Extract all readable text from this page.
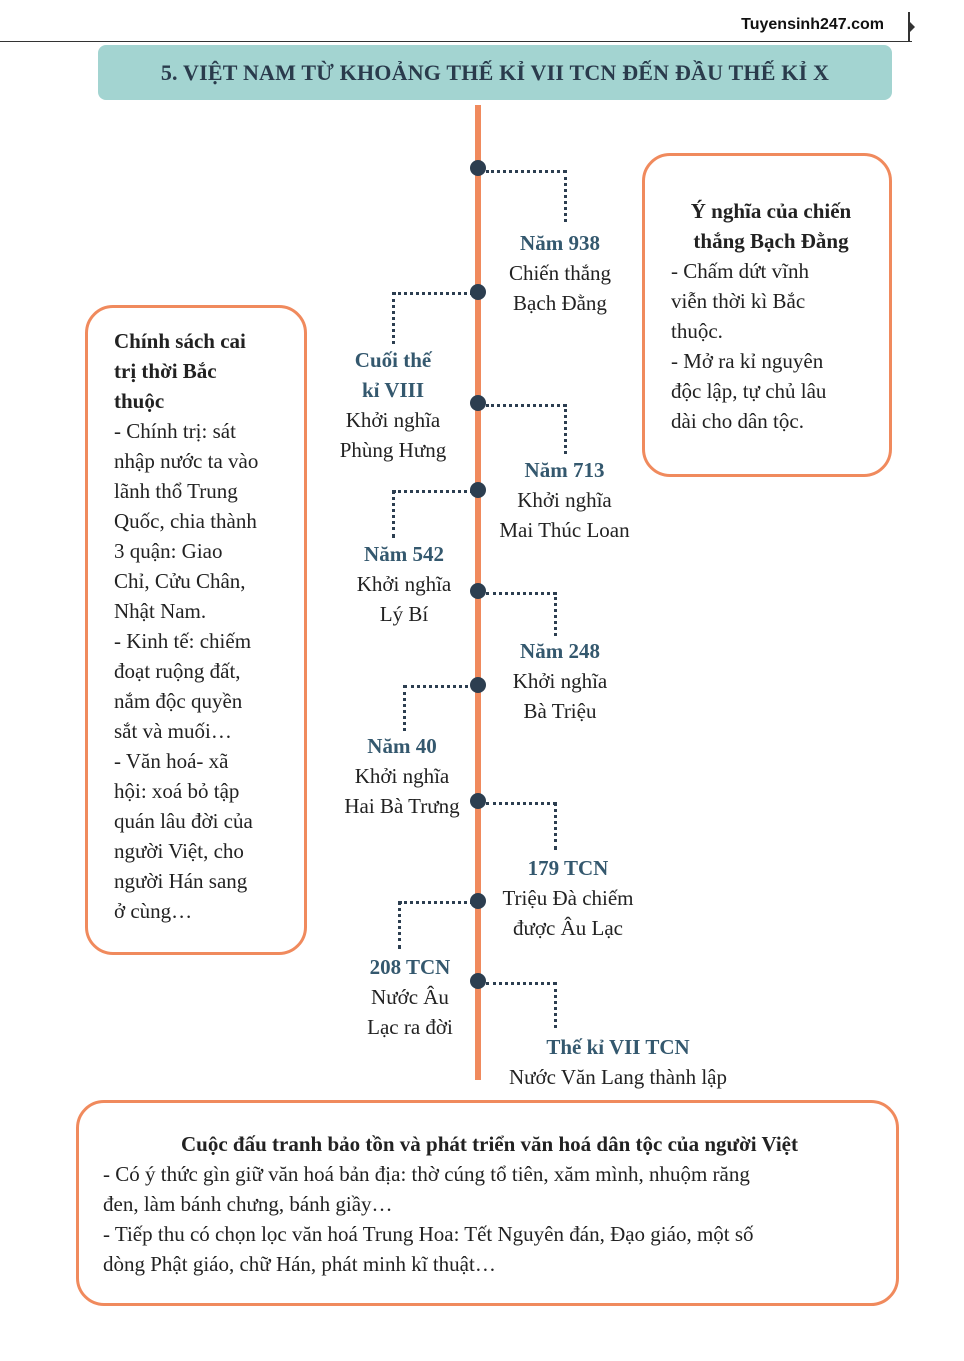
Tuyensinh247.com
5. VIỆT NAM TỪ KHOẢNG THẾ KỈ VII TCN ĐẾN ĐẦU THẾ KỈ X
Năm 938
Chiến thắng
Bạch Đằng
Cuối thế
kỉ VIII
Khởi nghĩa
Phùng Hưng
Năm 713
Khởi nghĩa
Mai Thúc Loan
Năm 542
Khởi nghĩa
Lý Bí
Năm 248
Khởi nghĩa
Bà Triệu
Năm 40
Khởi nghĩa
Hai Bà Trưng
179 TCN
Triệu Đà chiếm
được Âu Lạc
208 TCN
Nước Âu
Lạc ra đời
Thế kỉ VII TCN
Nước Văn Lang thành lập
Ý nghĩa của chiến
thắng Bạch Đằng
- Chấm dứt vĩnh
viễn thời kì Bắc
thuộc.
- Mở ra kỉ nguyên
độc lập, tự chủ lâu
dài cho dân tộc.
Chính sách cai
trị thời Bắc
thuộc
- Chính trị: sát
nhập nước ta vào
lãnh thổ Trung
Quốc, chia thành
3 quận: Giao
Chỉ, Cửu Chân,
Nhật Nam.
- Kinh tế: chiếm
đoạt ruộng đất,
nắm độc quyền
sắt và muối…
- Văn hoá- xã
hội: xoá bỏ tập
quán lâu đời của
người Việt, cho
người Hán sang
ở cùng…
Cuộc đấu tranh bảo tồn và phát triển văn hoá dân tộc của người Việt
- Có ý thức gìn giữ văn hoá bản địa: thờ cúng tổ tiên, xăm mình, nhuộm răng
đen, làm bánh chưng, bánh giầy…
- Tiếp thu có chọn lọc văn hoá Trung Hoa: Tết Nguyên đán, Đạo giáo, một số
dòng Phật giáo, chữ Hán, phát minh kĩ thuật…
